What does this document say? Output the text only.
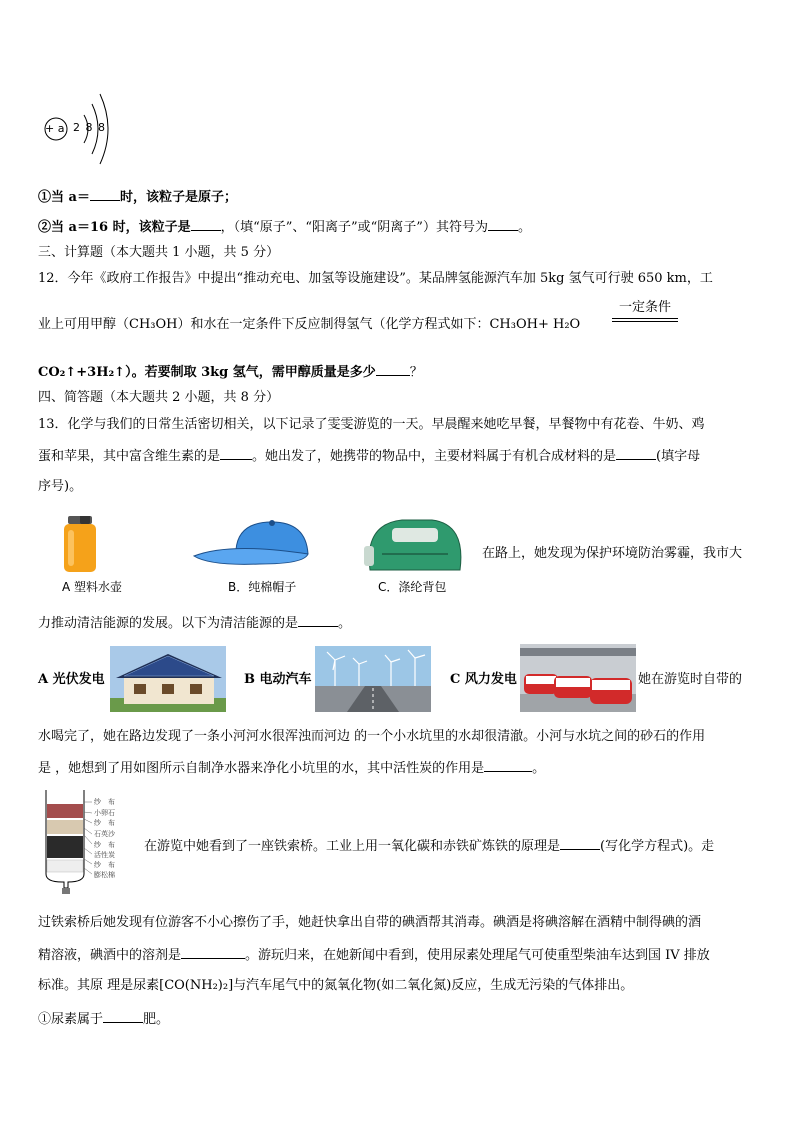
+ a 2 8 8
①当 a＝ 时，该粒子是原子；
②当 a＝16 时，该粒子是 ，（填“原子”、“阳离子”或“阴离子”）其符号为 。
三、计算题（本大题共 1 小题，共 5 分）
12．今年《政府工作报告》中提出“推动充电、加氢等设施建设”。某品牌氢能源汽车加 5kg 氢气可行驶 650 km，工
业上可用甲醇（CH₃OH）和水在一定条件下反应制得氢气（化学方程式如下：CH₃OH+ H₂O
一定条件
CO₂↑+3H₂↑）。若要制取 3kg 氢气，需甲醇质量是多少	？
四、简答题（本大题共 2 小题，共 8 分）
13．化学与我们的日常生活密切相关，以下记录了雯雯游览的一天。早晨醒来她吃早餐，早餐物中有花卷、牛奶、鸡
蛋和苹果，其中富含维生素的是 。她出发了，她携带的物品中，主要材料属于有机合成材料的是	(填字母
序号)。
A 塑料水壶	B．纯棉帽子	C．涤纶背包
在路上，她发现为保护环境防治雾霾，我市大
力推动清洁能源的发展。以下为清洁能源的是	。
A 光伏发电	B 电动汽车	C 风力发电	她在游览时自带的
水喝完了，她在路边发现了一条小河河水很浑浊而河边 的一个小水坑里的水却很清澈。小河与水坑之间的砂石的作用
是 ，她想到了用如图所示自制净水器来净化小坑里的水，其中活性炭的作用是	。
纱　布
小卵石
纱　布
石英沙
纱　布
活性炭
纱　布
膨松棉
在游览中她看到了一座铁索桥。工业上用一氧化碳和赤铁矿炼铁的原理是	(写化学方程式)。走
过铁索桥后她发现有位游客不小心擦伤了手，她赶快拿出自带的碘酒帮其消毒。碘酒是将碘溶解在酒精中制得碘的酒
精溶液，碘酒中的溶剂是	。游玩归来，在她新闻中看到，使用尿素处理尾气可使重型柴油车达到国 IV 排放
标准。其原 理是尿素[CO(NH₂)₂]与汽车尾气中的氮氧化物(如二氧化氮)反应，生成无污染的气体排出。
①尿素属于	肥。
